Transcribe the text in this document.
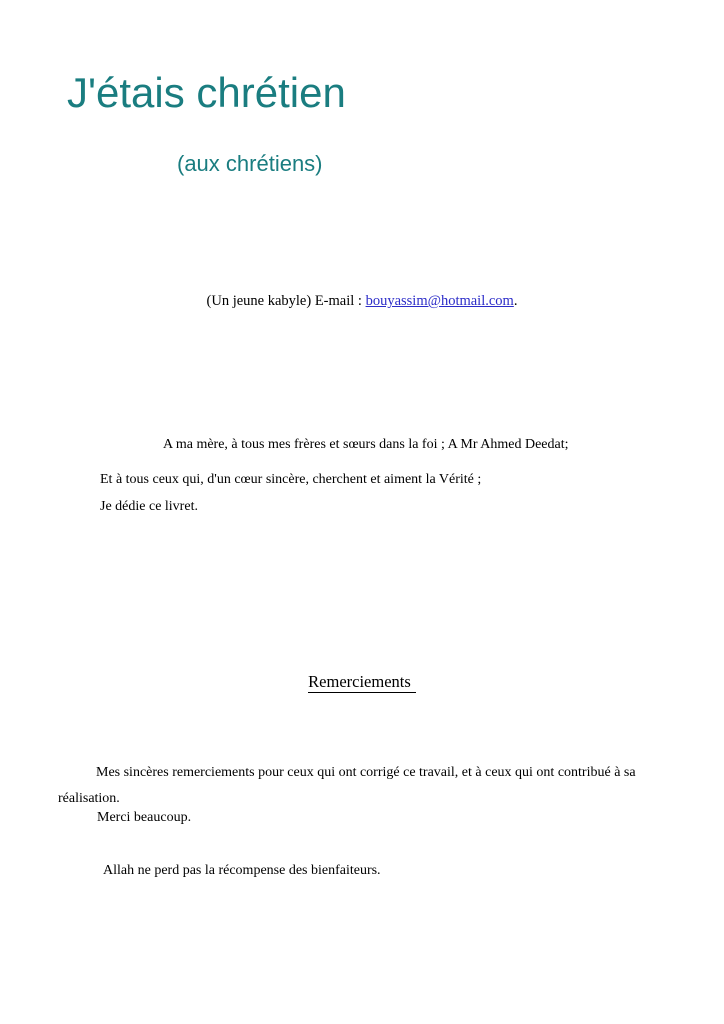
J'étais chrétien
(aux chrétiens)
(Un jeune kabyle) E-mail : bouyassim@hotmail.com.
A ma mère, à tous mes frères et sœurs dans la foi ; A Mr Ahmed Deedat;
Et à tous ceux qui, d'un cœur sincère, cherchent et aiment la Vérité ;
Je dédie ce livret.
Remerciements

Mes sincères remerciements pour ceux qui ont corrigé ce travail, et à ceux qui ont contribué à sa réalisation.

Merci beaucoup.
Allah ne perd pas la récompense des bienfaiteurs.
